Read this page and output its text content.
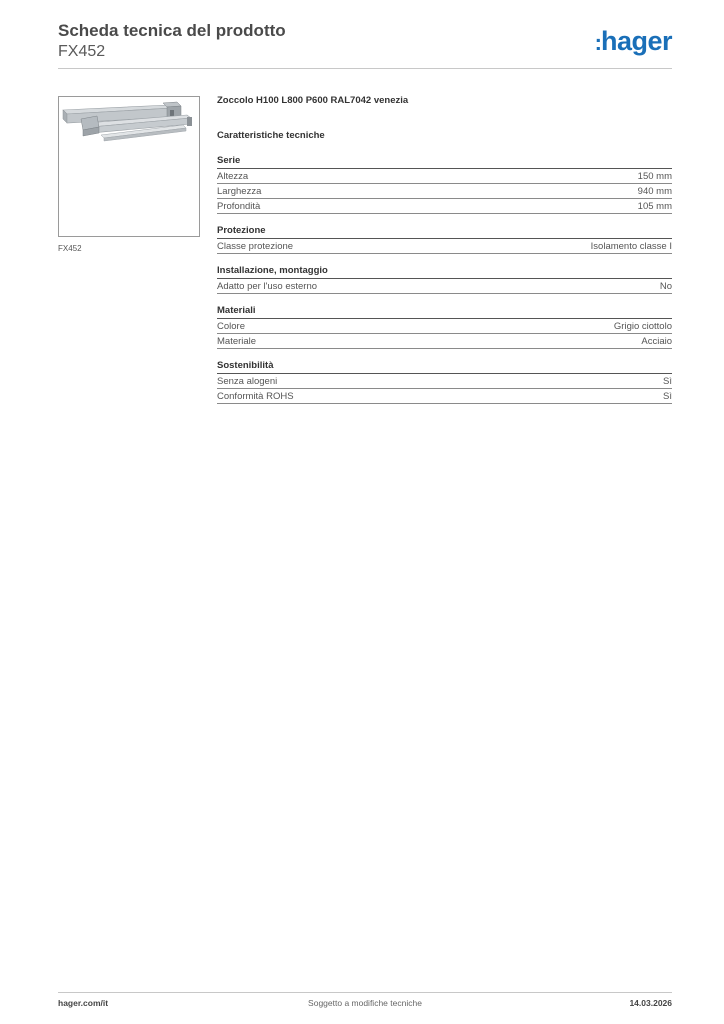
Scheda tecnica del prodotto

FX452	:hager
FX452

Zoccolo H100 L800 P600 RAL7042 venezia

Caratteristiche tecniche

Serie
Altezza	150 mm
Larghezza	940 mm
Profondità	105 mm
Protezione
Classe protezione	Isolamento classe I
Installazione, montaggio
Adatto per l'uso esterno	No
Materiali
Colore	Grigio ciottolo
Materiale	Acciaio
Sostenibilità
Senza alogeni	Sì
Conformità ROHS	Sì
hager.com/it	Soggetto a modifiche tecniche	14.03.2026
